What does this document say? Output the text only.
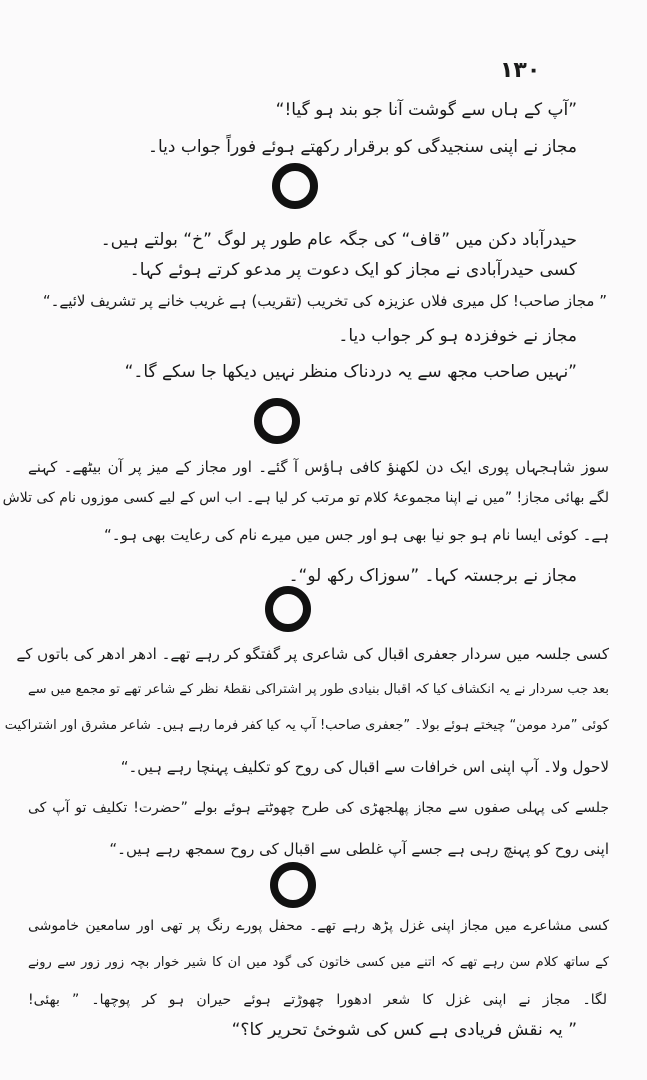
۱۳۰
”آپ کے ہاں سے گوشت آنا جو بند ہو گیا!“
مجاز نے اپنی سنجیدگی کو برقرار رکھتے ہوئے فوراً جواب دیا۔
حیدرآباد دکن میں ”قاف“ کی جگہ عام طور پر لوگ ”خ“ بولتے ہیں۔
کسی حیدرآبادی نے مجاز کو ایک دعوت پر مدعو کرتے ہوئے کہا۔
” مجاز صاحب! کل میری فلاں عزیزہ کی تخریب (تقریب) ہے غریب خانے پر تشریف لائیے۔“
مجاز نے خوفزدہ ہو کر جواب دیا۔
”نہیں صاحب مجھ سے یہ دردناک منظر نہیں دیکھا جا سکے گا۔“
سوز شاہجہاں پوری ایک دن لکھنؤ کافی ہاؤس آ گئے۔ اور مجاز کے میز پر آن بیٹھے۔ کہنے
لگے بھائی مجاز! ”میں نے اپنا مجموعۂ کلام تو مرتب کر لیا ہے۔ اب اس کے لیے کسی موزوں نام کی تلاش
ہے۔ کوئی ایسا نام ہو جو نیا بھی ہو اور جس میں میرے نام کی رعایت بھی ہو۔“
مجاز نے برجستہ کہا۔ ”سوزاک رکھ لو“۔
کسی جلسہ میں سردار جعفری اقبال کی شاعری پر گفتگو کر رہے تھے۔ ادھر ادھر کی باتوں کے
بعد جب سردار نے یہ انکشاف کیا کہ اقبال بنیادی طور پر اشتراکی نقطۂ نظر کے شاعر تھے تو مجمع میں سے
کوئی ”مرد مومن“ چیختے ہوئے بولا۔ ”جعفری صاحب! آپ یہ کیا کفر فرما رہے ہیں۔ شاعر مشرق اور اشتراکیت
لاحول ولا۔ آپ اپنی اس خرافات سے اقبال کی روح کو تکلیف پہنچا رہے ہیں۔“
جلسے کی پہلی صفوں سے مجاز پھلجھڑی کی طرح چھوٹتے ہوئے بولے ”حضرت! تکلیف تو آپ کی
اپنی روح کو پہنچ رہی ہے جسے آپ غلطی سے اقبال کی روح سمجھ رہے ہیں۔“
کسی مشاعرے میں مجاز اپنی غزل پڑھ رہے تھے۔ محفل پورے رنگ پر تھی اور سامعین خاموشی
کے ساتھ کلام سن رہے تھے کہ اتنے میں کسی خاتون کی گود میں ان کا شیر خوار بچہ زور زور سے رونے
لگا۔ مجاز نے اپنی غزل کا شعر ادھورا چھوڑتے ہوئے حیران ہو کر پوچھا۔ ” بھئی!
” یہ نقش فریادی ہے کس کی شوخیٔ تحریر کا؟“
